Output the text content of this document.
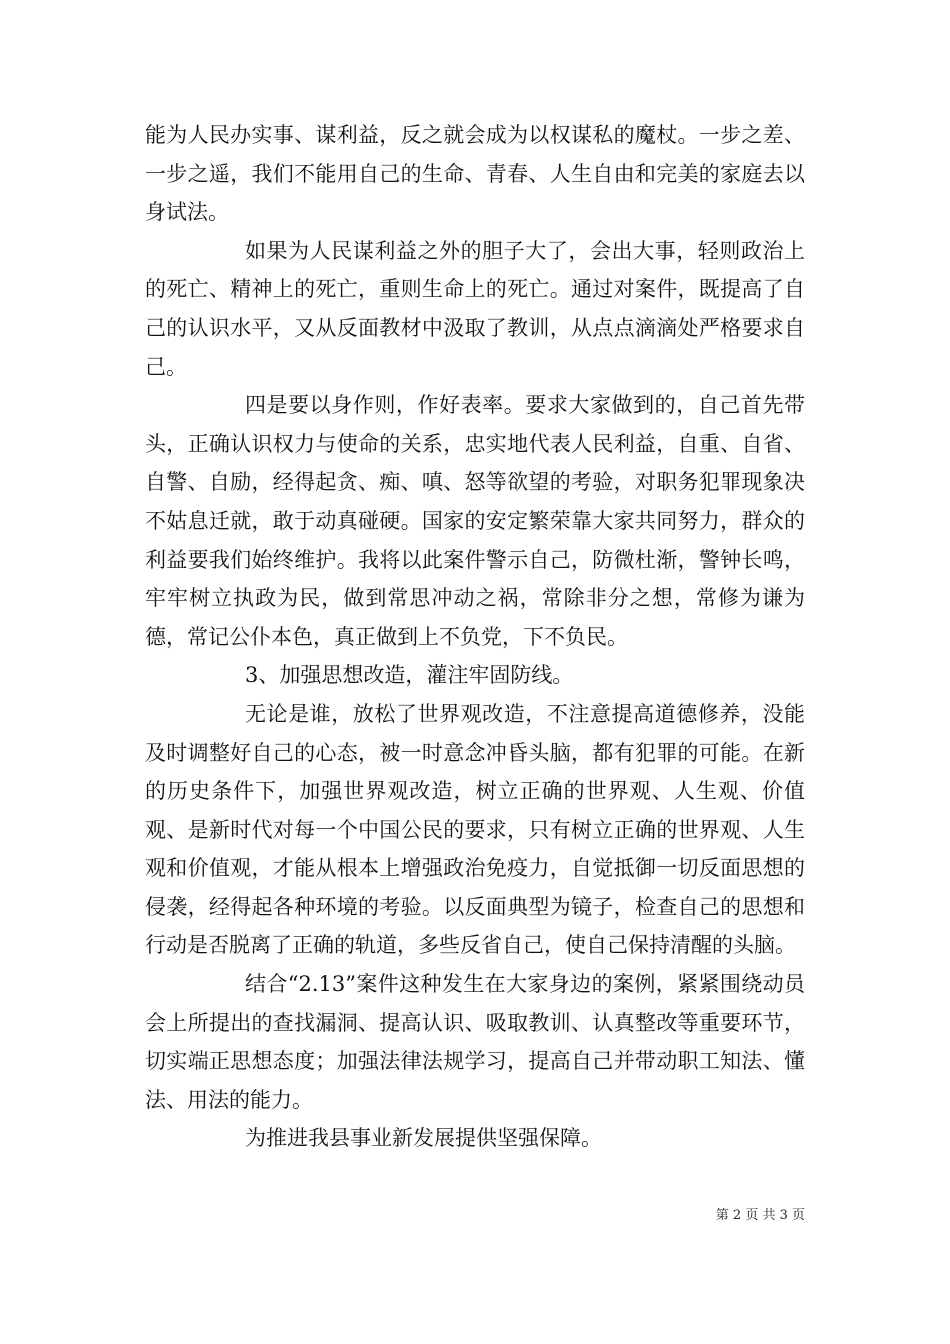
能为人民办实事、谋利益，反之就会成为以权谋私的魔杖。一步之差、一步之遥，我们不能用自己的生命、青春、人生自由和完美的家庭去以身试法。

如果为人民谋利益之外的胆子大了，会出大事，轻则政治上的死亡、精神上的死亡，重则生命上的死亡。通过对案件，既提高了自己的认识水平，又从反面教材中汲取了教训，从点点滴滴处严格要求自己。

四是要以身作则，作好表率。要求大家做到的，自己首先带头，正确认识权力与使命的关系，忠实地代表人民利益，自重、自省、自警、自励，经得起贪、痴、嗔、怒等欲望的考验，对职务犯罪现象决不姑息迁就，敢于动真碰硬。国家的安定繁荣靠大家共同努力，群众的利益要我们始终维护。我将以此案件警示自己，防微杜渐，警钟长鸣，牢牢树立执政为民，做到常思冲动之祸，常除非分之想，常修为谦为德，常记公仆本色，真正做到上不负党，下不负民。

3、加强思想改造，灌注牢固防线。

无论是谁，放松了世界观改造，不注意提高道德修养，没能及时调整好自己的心态，被一时意念冲昏头脑，都有犯罪的可能。在新的历史条件下，加强世界观改造，树立正确的世界观、人生观、价值观、是新时代对每一个中国公民的要求，只有树立正确的世界观、人生观和价值观，才能从根本上增强政治免疫力，自觉抵御一切反面思想的侵袭，经得起各种环境的考验。以反面典型为镜子，检查自己的思想和行动是否脱离了正确的轨道，多些反省自己，使自己保持清醒的头脑。

结合“2.13”案件这种发生在大家身边的案例，紧紧围绕动员会上所提出的查找漏洞、提高认识、吸取教训、认真整改等重要环节，切实端正思想态度；加强法律法规学习，提高自己并带动职工知法、懂法、用法的能力。

为推进我县事业新发展提供坚强保障。

第 2 页 共 3 页
